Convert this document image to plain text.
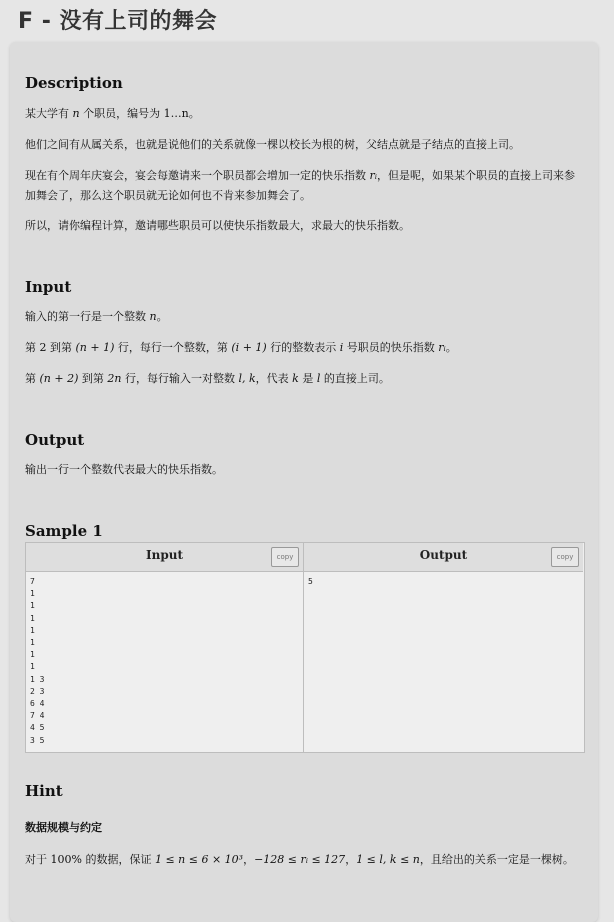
F - 没有上司的舞会
Description

某大学有 n 个职员，编号为 1…n。

他们之间有从属关系，也就是说他们的关系就像一棵以校长为根的树，父结点就是子结点的直接上司。

现在有个周年庆宴会，宴会每邀请来一个职员都会增加一定的快乐指数 rᵢ，但是呢，如果某个职员的直接上司来参加舞会了，那么这个职员就无论如何也不肯来参加舞会了。

所以，请你编程计算，邀请哪些职员可以使快乐指数最大，求最大的快乐指数。

Input

输入的第一行是一个整数 n。

第 2 到第 (n + 1) 行，每行一个整数，第 (i + 1) 行的整数表示 i 号职员的快乐指数 rᵢ。

第 (n + 2) 到第 2n 行，每行输入一对整数 l, k，代表 k 是 l 的直接上司。

Output

输出一行一个整数代表最大的快乐指数。

Sample 1
Input	copy
7
1
1
1
1
1
1
1
1 3
2 3
6 4
7 4
4 5
3 5
Output	copy
5
Hint

数据规模与约定

对于 100% 的数据，保证 1 ≤ n ≤ 6 × 10³，−128 ≤ rᵢ ≤ 127，1 ≤ l, k ≤ n，且给出的关系一定是一棵树。
